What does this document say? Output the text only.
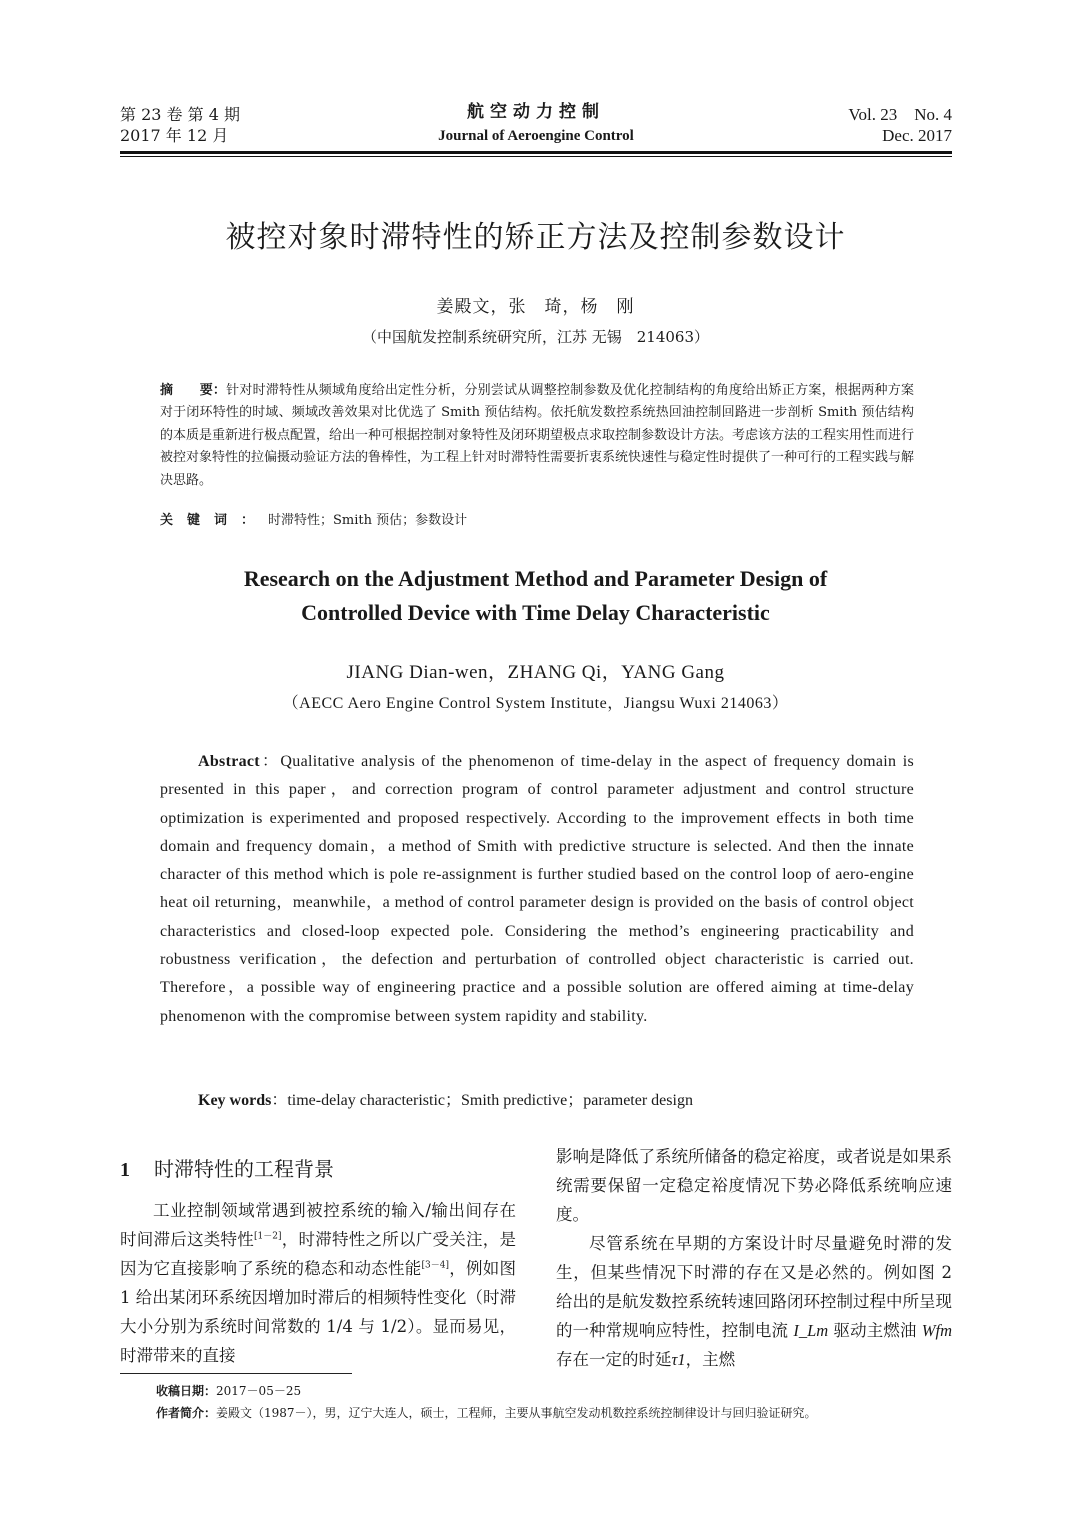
第 23 卷 第 4 期
2017 年 12 月
航空动力控制
Journal of Aeroengine Control
Vol. 23    No. 4
Dec. 2017
被控对象时滞特性的矫正方法及控制参数设计
姜殿文，张　琦，杨　刚
（中国航发控制系统研究所，江苏 无锡　214063）
摘　　要：针对时滞特性从频域角度给出定性分析，分别尝试从调整控制参数及优化控制结构的角度给出矫正方案，根据两种方案对于闭环特性的时域、频域改善效果对比优选了 Smith 预估结构。依托航发数控系统热回油控制回路进一步剖析 Smith 预估结构的本质是重新进行极点配置，给出一种可根据控制对象特性及闭环期望极点求取控制参数设计方法。考虑该方法的工程实用性而进行被控对象特性的拉偏摄动验证方法的鲁棒性，为工程上针对时滞特性需要折衷系统快速性与稳定性时提供了一种可行的工程实践与解决思路。
关键词：时滞特性；Smith 预估；参数设计
Research on the Adjustment Method and Parameter Design of
Controlled Device with Time Delay Characteristic
JIANG Dian-wen，ZHANG Qi，YANG Gang
（AECC Aero Engine Control System Institute，Jiangsu Wuxi 214063）

Abstract：Qualitative analysis of the phenomenon of time-delay in the aspect of frequency domain is presented in this paper，and correction program of control parameter adjustment and control structure optimization is experimented and proposed respectively. According to the improvement effects in both time domain and frequency domain，a method of Smith with predictive structure is selected. And then the innate character of this method which is pole re-assignment is further studied based on the control loop of aero-engine heat oil returning，meanwhile，a method of control parameter design is provided on the basis of control object characteristics and closed-loop expected pole. Considering the method’s engineering practicability and robustness verification，the defection and perturbation of controlled object characteristic is carried out. Therefore，a possible way of engineering practice and a possible solution are offered aiming at time-delay phenomenon with the compromise between system rapidity and stability.

Key words：time-delay characteristic；Smith predictive；parameter design
1 时滞特性的工程背景

工业控制领域常遇到被控系统的输入/输出间存在时间滞后这类特性[1－2]，时滞特性之所以广受关注，是因为它直接影响了系统的稳态和动态性能[3－4]，例如图 1 给出某闭环系统因增加时滞后的相频特性变化（时滞大小分别为系统时间常数的 1/4 与 1/2）。显而易见，时滞带来的直接

影响是降低了系统所储备的稳定裕度，或者说是如果系统需要保留一定稳定裕度情况下势必降低系统响应速度。

尽管系统在早期的方案设计时尽量避免时滞的发生，但某些情况下时滞的存在又是必然的。例如图 2 给出的是航发数控系统转速回路闭环控制过程中所呈现的一种常规响应特性，控制电流 I_Lm 驱动主燃油 Wfm 存在一定的时延τ1，主燃

收稿日期：2017－05－25
作者简介：姜殿文（1987－），男，辽宁大连人，硕士，工程师，主要从事航空发动机数控系统控制律设计与回归验证研究。
